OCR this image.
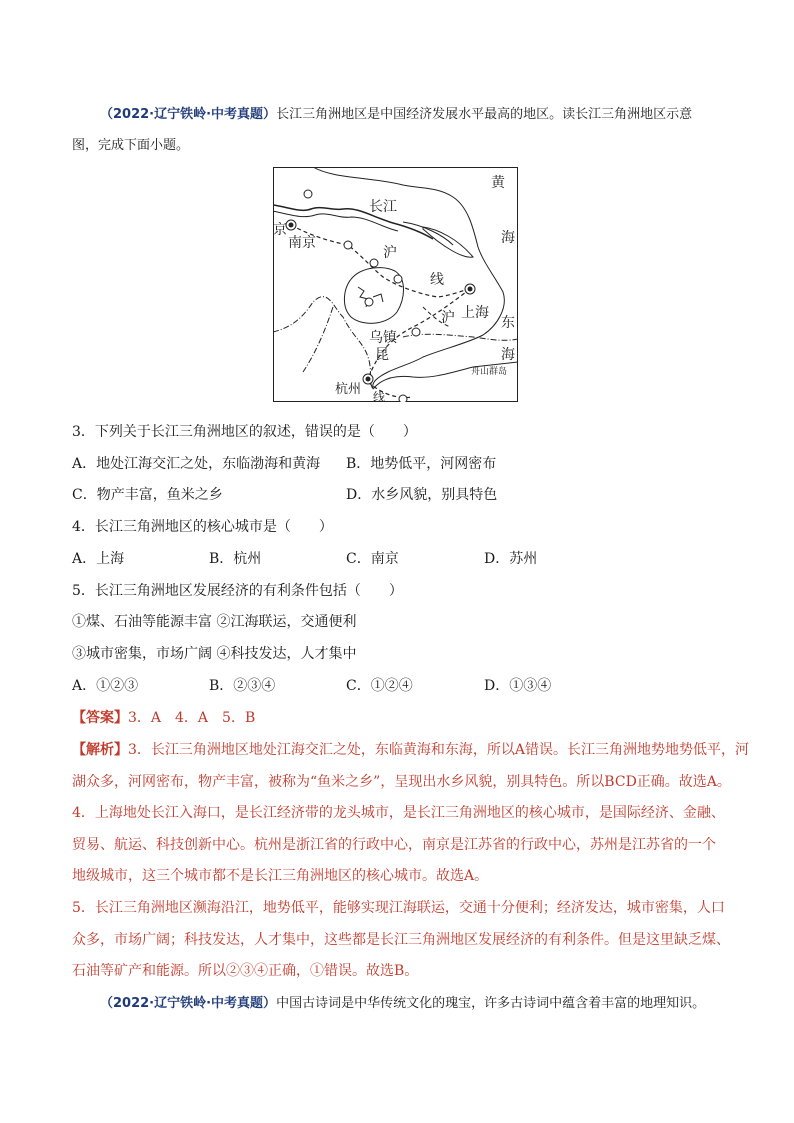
（2022·辽宁铁岭·中考真题）长江三角洲地区是中国经济发展水平最高的地区。读长江三角洲地区示意
图，完成下面小题。
黄
海
东
海
长江
京
南京
沪
线
沪 上海
乌 镇
昆
杭州 线
舟山群岛
3．下列关于长江三角洲地区的叙述，错误的是（　　）
A．地处江海交汇之处，东临渤海和黄海 B．地势低平，河网密布
C．物产丰富，鱼米之乡	D．水乡风貌，别具特色
4．长江三角洲地区的核心城市是（　　）
A．上海	B．杭州	C．南京	D．苏州
5．长江三角洲地区发展经济的有利条件包括（　　）
①煤、石油等能源丰富 ②江海联运，交通便利
③城市密集，市场广阔 ④科技发达，人才集中
A．①②③	B．②③④	C．①②④	D．①③④
【答案】3．A　4．A　5．B
【解析】3．长江三角洲地区地处江海交汇之处，东临黄海和东海，所以A错误。长江三角洲地势地势低平，河
湖众多，河网密布，物产丰富，被称为“鱼米之乡”，呈现出水乡风貌，别具特色。所以BCD正确。故选A。
4．上海地处长江入海口，是长江经济带的龙头城市，是长江三角洲地区的核心城市，是国际经济、金融、
贸易、航运、科技创新中心。杭州是浙江省的行政中心，南京是江苏省的行政中心，苏州是江苏省的一个
地级城市，这三个城市都不是长江三角洲地区的核心城市。故选A。
5．长江三角洲地区濒海沿江，地势低平，能够实现江海联运，交通十分便利；经济发达，城市密集，人口
众多，市场广阔；科技发达，人才集中，这些都是长江三角洲地区发展经济的有利条件。但是这里缺乏煤、
石油等矿产和能源。所以②③④正确，①错误。故选B。
（2022·辽宁铁岭·中考真题）中国古诗词是中华传统文化的瑰宝，许多古诗词中蕴含着丰富的地理知识。
